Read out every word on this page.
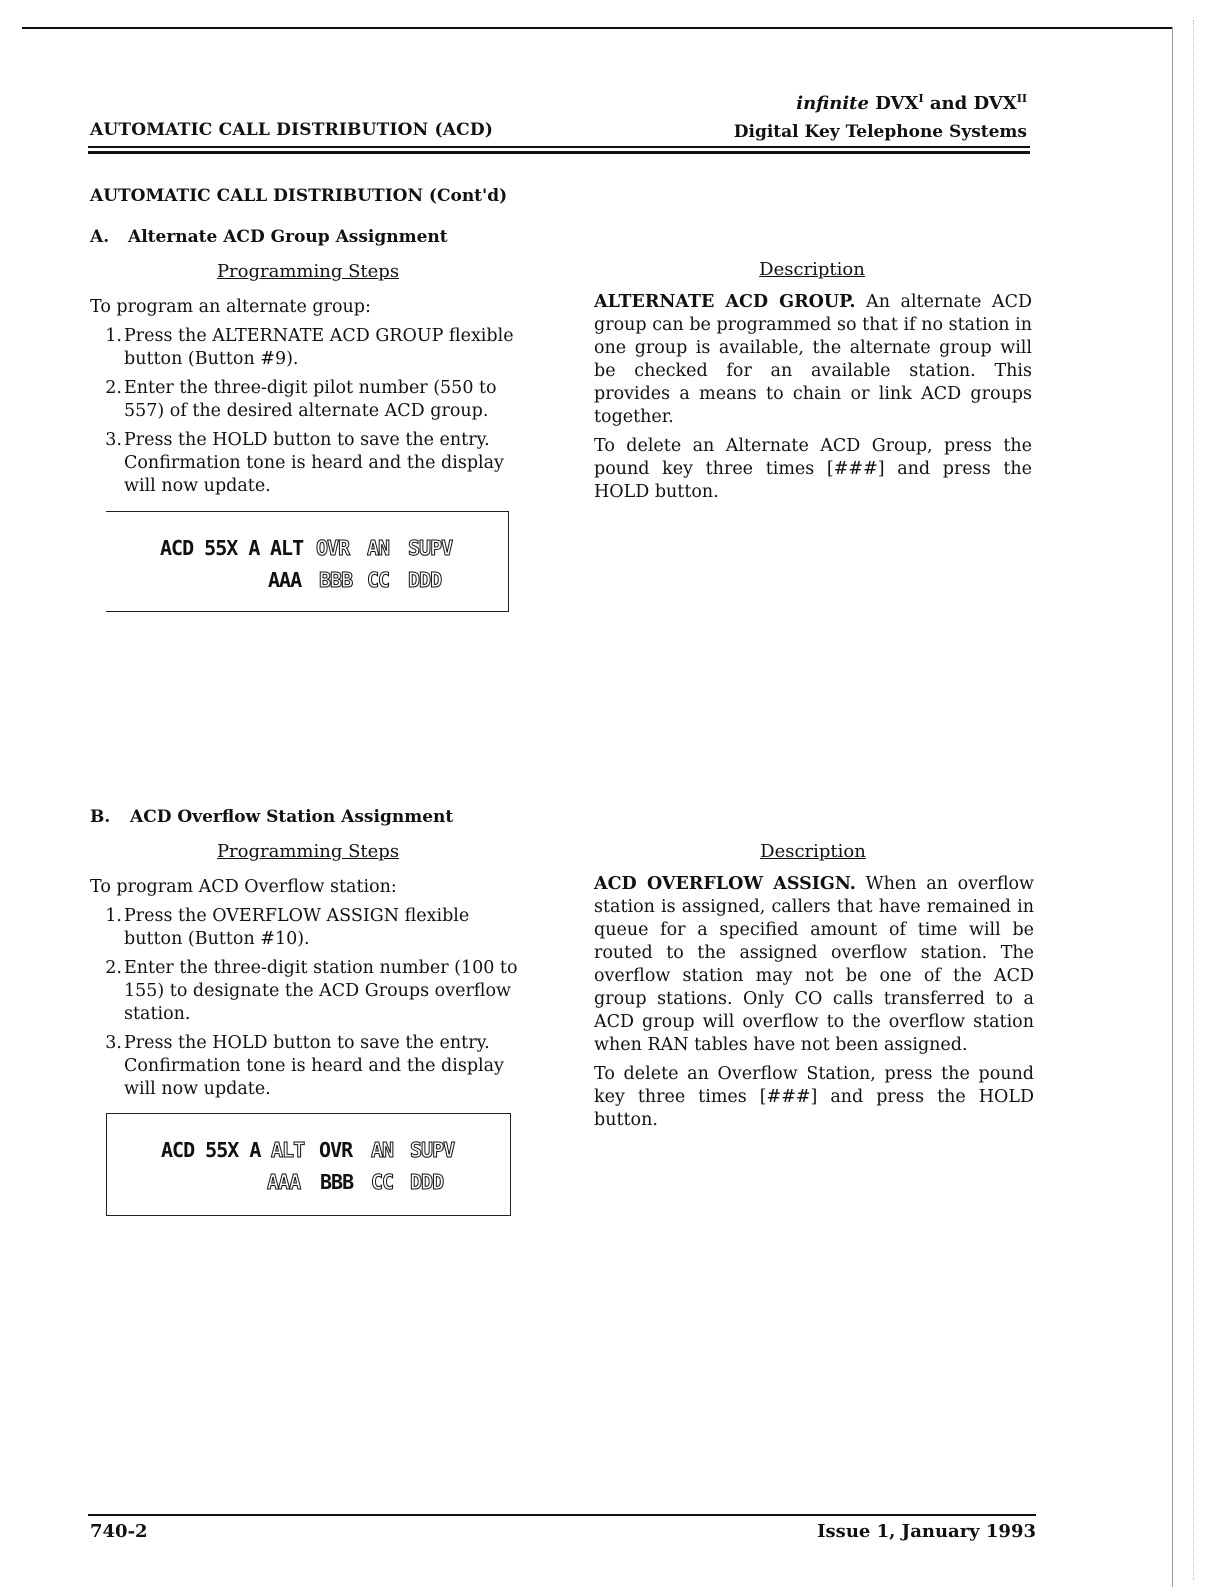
infinite $DVX^I$ and $DVX^{II}$
AUTOMATIC CALL DISTRIBUTION (ACD)	Digital Key Telephone Systems
AUTOMATIC CALL DISTRIBUTION (Cont'd)
A. Alternate ACD Group Assignment
Programming Steps
To program an alternate group:
1. Press the ALTERNATE ACD GROUP flexible button (Button #9).
2. Enter the three-digit pilot number (550 to 557) of the desired alternate ACD group.
3. Press the HOLD button to save the entry. Confirmation tone is heard and the display will now update.
ACD 55X A ALT OVR AN SUPV
AAA BBB CC DDD
Description

ALTERNATE ACD GROUP. An alternate ACD group can be programmed so that if no station in one group is available, the alternate group will be checked for an available station. This provides a means to chain or link ACD groups together.

To delete an Alternate ACD Group, press the pound key three times [###] and press the HOLD button.

B. ACD Overflow Station Assignment
Programming Steps
To program ACD Overflow station:
1. Press the OVERFLOW ASSIGN flexible button (Button #10).
2. Enter the three-digit station number (100 to 155) to designate the ACD Groups overflow station.
3. Press the HOLD button to save the entry. Confirmation tone is heard and the display will now update.
ACD 55X A ALT OVR AN SUPV
AAA BBB CC DDD
Description

ACD OVERFLOW ASSIGN. When an overflow station is assigned, callers that have remained in queue for a specified amount of time will be routed to the assigned overflow station. The overflow station may not be one of the ACD group stations. Only CO calls transferred to a ACD group will overflow to the overflow station when RAN tables have not been assigned.

To delete an Overflow Station, press the pound key three times [###] and press the HOLD button.

740-2	Issue 1, January 1993
